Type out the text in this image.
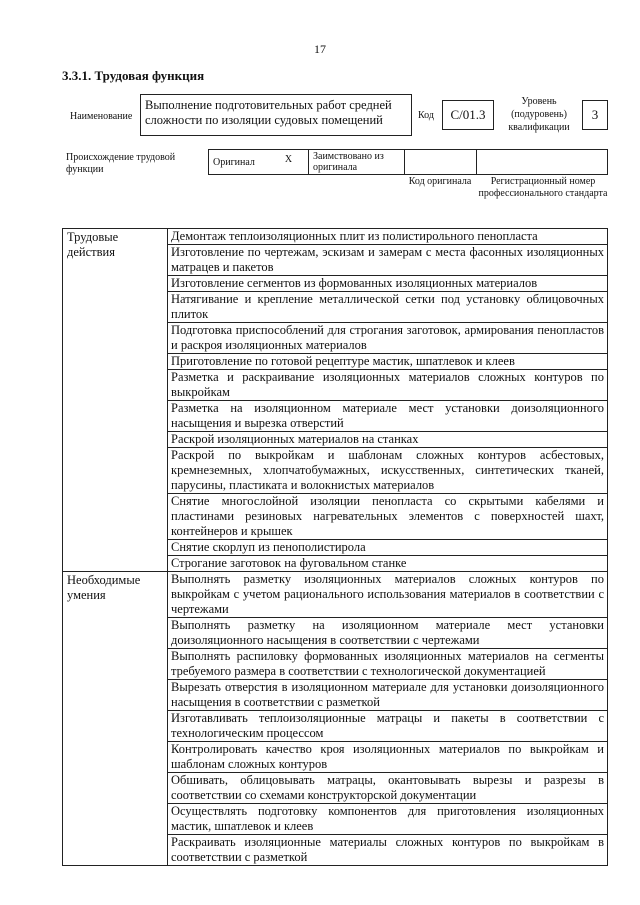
17
3.3.1. Трудовая функция
Наименование
Выполнение подготовительных работ средней сложности по изоляции судовых помещений	Код	C/01.3
Уровень (подуровень) квалификации
3
Происхождение трудовой функции
Оригинал	X	Заимствовано из оригинала
Код оригинала	Регистрационный номер профессионального стандарта
Трудовые действия	Демонтаж теплоизоляционных плит из полистирольного пенопласта
	Изготовление по чертежам, эскизам и замерам с места фасонных изоляционных матрацев и пакетов
	Изготовление сегментов из формованных изоляционных материалов
	Натягивание и крепление металлической сетки под установку облицовочных плиток
	Подготовка приспособлений для строгания заготовок, армирования пенопластов и раскроя изоляционных материалов
	Приготовление по готовой рецептуре мастик, шпатлевок и клеев
	Разметка и раскраивание изоляционных материалов сложных контуров по выкройкам
	Разметка на изоляционном материале мест установки доизоляционного насыщения и вырезка отверстий
	Раскрой изоляционных материалов на станках
	Раскрой по выкройкам и шаблонам сложных контуров асбестовых, кремнеземных, хлопчатобумажных, искусственных, синтетических тканей, парусины, пластиката и волокнистых материалов
	Снятие многослойной изоляции пенопласта со скрытыми кабелями и пластинами резиновых нагревательных элементов с поверхностей шахт, контейнеров и крышек
	Снятие скорлуп из пенополистирола
	Строгание заготовок на фуговальном станке
Необходимые умения	Выполнять разметку изоляционных материалов сложных контуров по выкройкам с учетом рационального использования материалов в соответствии с чертежами
	Выполнять разметку на изоляционном материале мест установки доизоляционного насыщения в соответствии с чертежами
	Выполнять распиловку формованных изоляционных материалов на сегменты требуемого размера в соответствии с технологической документацией
	Вырезать отверстия в изоляционном материале для установки доизоляционного насыщения в соответствии с разметкой
	Изготавливать теплоизоляционные матрацы и пакеты в соответствии с технологическим процессом
	Контролировать качество кроя изоляционных материалов по выкройкам и шаблонам сложных контуров
	Обшивать, облицовывать матрацы, окантовывать вырезы и разрезы в соответствии со схемами конструкторской документации
	Осуществлять подготовку компонентов для приготовления изоляционных мастик, шпатлевок и клеев
	Раскраивать изоляционные материалы сложных контуров по выкройкам в соответствии с разметкой
